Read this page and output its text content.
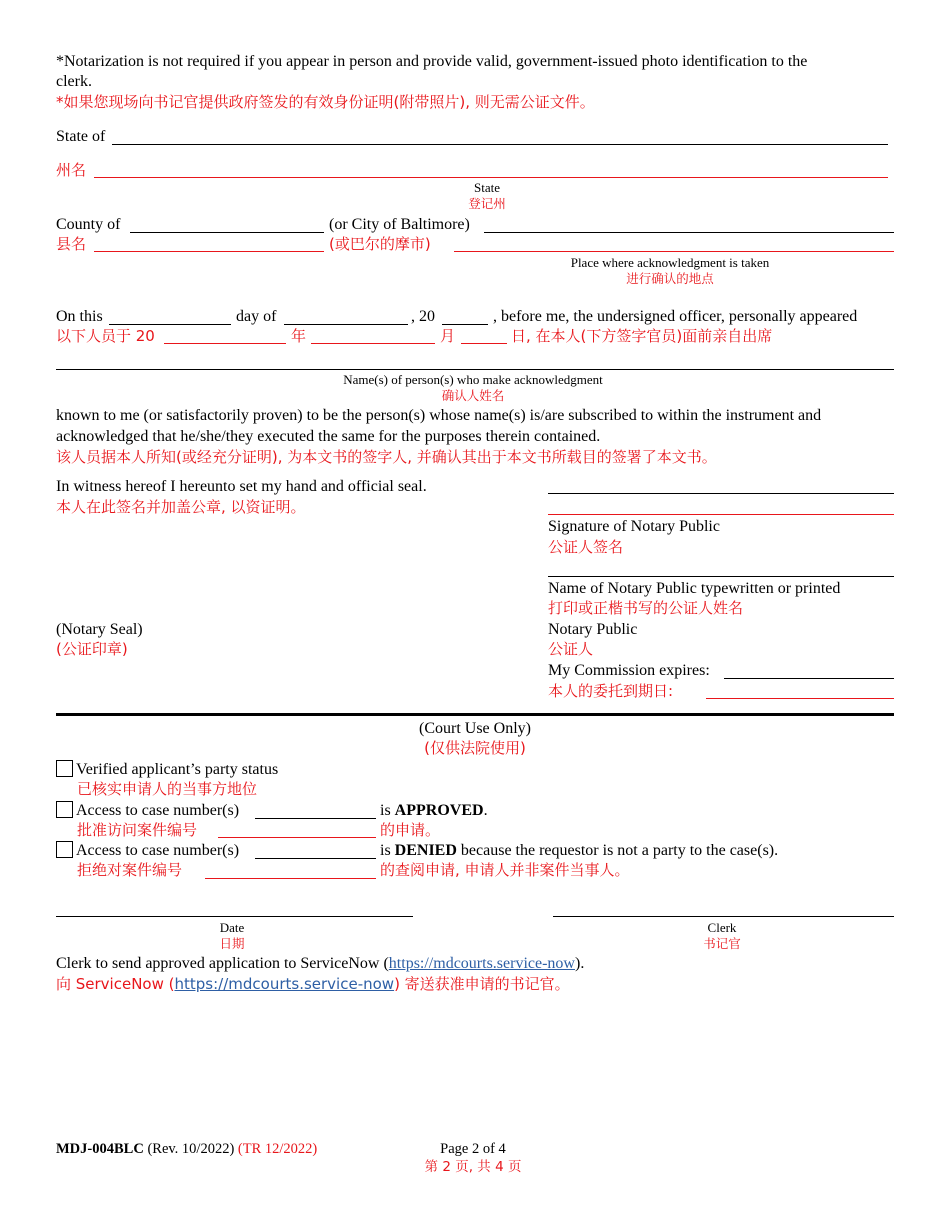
*Notarization is not required if you appear in person and provide valid, government-issued photo identification to the
clerk.
*如果您现场向书记官提供政府签发的有效身份证明(附带照片), 则无需公证文件。
State of
州名
State
登记州
County of	(or City of Baltimore)
县名	(或巴尔的摩市)
Place where acknowledgment is taken
进行确认的地点
On this	day of	, 20	, before me, the undersigned officer, personally appeared
以下人员于 20	年	月	日, 在本人(下方签字官员)面前亲自出席
Name(s) of person(s) who make acknowledgment
确认人姓名
known to me (or satisfactorily proven) to be the person(s) whose name(s) is/are subscribed to within the instrument and
acknowledged that he/she/they executed the same for the purposes therein contained.
该人员据本人所知(或经充分证明), 为本文书的签字人, 并确认其出于本文书所载目的签署了本文书。
In witness hereof I hereunto set my hand and official seal.
本人在此签名并加盖公章, 以资证明。
Signature of Notary Public
公证人签名
Name of Notary Public typewritten or printed
打印或正楷书写的公证人姓名
(Notary Seal)
(公证印章)
Notary Public
公证人
My Commission expires:
本人的委托到期日:
(Court Use Only)
(仅供法院使用)
Verified applicant’s party status
已核实申请人的当事方地位
Access to case number(s)	is APPROVED.
批准访问案件编号	的申请。
Access to case number(s)	is DENIED because the requestor is not a party to the case(s).
拒绝对案件编号	的查阅申请, 申请人并非案件当事人。
Date
日期
Clerk
书记官
Clerk to send approved application to ServiceNow (https://mdcourts.service-now).
向 ServiceNow (https://mdcourts.service-now) 寄送获准申请的书记官。
MDJ-004BLC (Rev. 10/2022) (TR 12/2022)	Page 2 of 4
第 2 页, 共 4 页
